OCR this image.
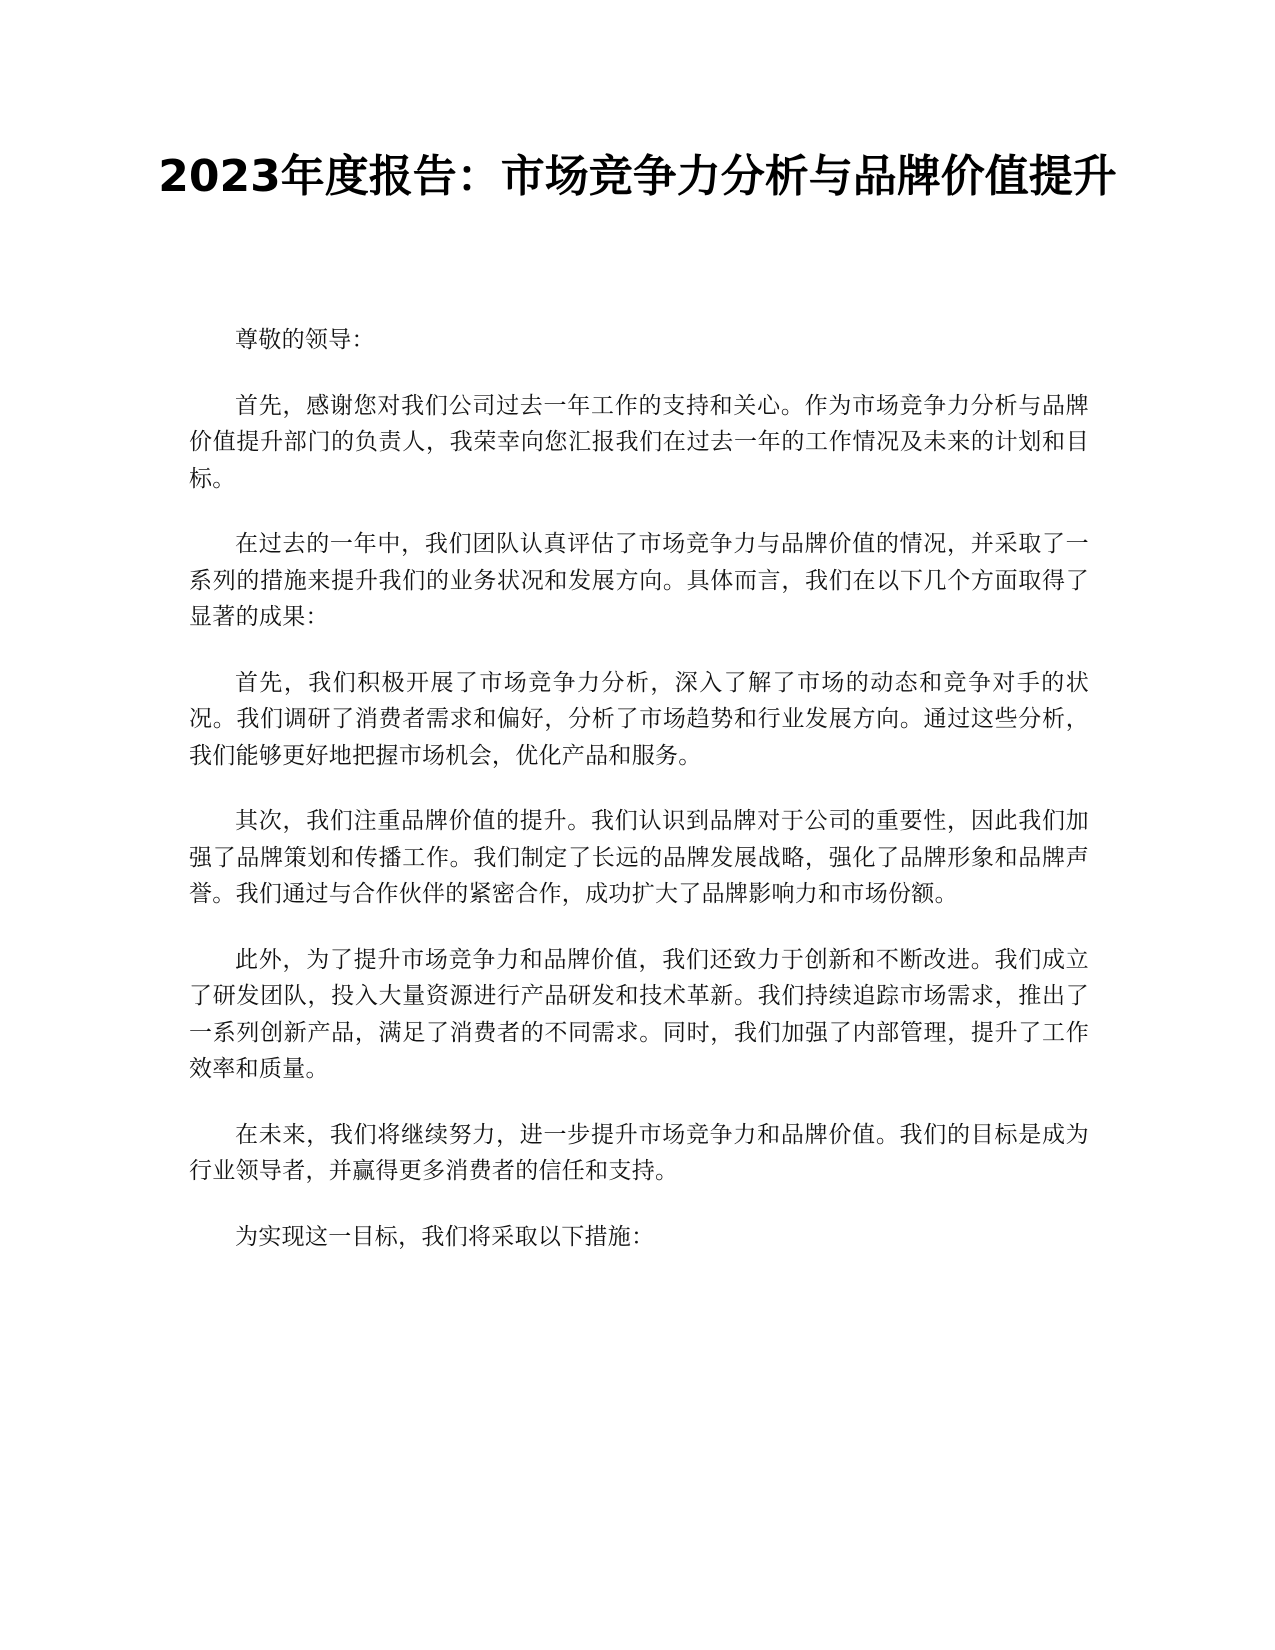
2023年度报告：市场竞争力分析与品牌价值提升

尊敬的领导：

首先，感谢您对我们公司过去一年工作的支持和关心。作为市场竞争力分析与品牌价值提升部门的负责人，我荣幸向您汇报我们在过去一年的工作情况及未来的计划和目标。

在过去的一年中，我们团队认真评估了市场竞争力与品牌价值的情况，并采取了一系列的措施来提升我们的业务状况和发展方向。具体而言，我们在以下几个方面取得了显著的成果：

首先，我们积极开展了市场竞争力分析，深入了解了市场的动态和竞争对手的状况。我们调研了消费者需求和偏好，分析了市场趋势和行业发展方向。通过这些分析，我们能够更好地把握市场机会，优化产品和服务。

其次，我们注重品牌价值的提升。我们认识到品牌对于公司的重要性，因此我们加强了品牌策划和传播工作。我们制定了长远的品牌发展战略，强化了品牌形象和品牌声誉。我们通过与合作伙伴的紧密合作，成功扩大了品牌影响力和市场份额。

此外，为了提升市场竞争力和品牌价值，我们还致力于创新和不断改进。我们成立了研发团队，投入大量资源进行产品研发和技术革新。我们持续追踪市场需求，推出了一系列创新产品，满足了消费者的不同需求。同时，我们加强了内部管理，提升了工作效率和质量。

在未来，我们将继续努力，进一步提升市场竞争力和品牌价值。我们的目标是成为行业领导者，并赢得更多消费者的信任和支持。

为实现这一目标，我们将采取以下措施：
